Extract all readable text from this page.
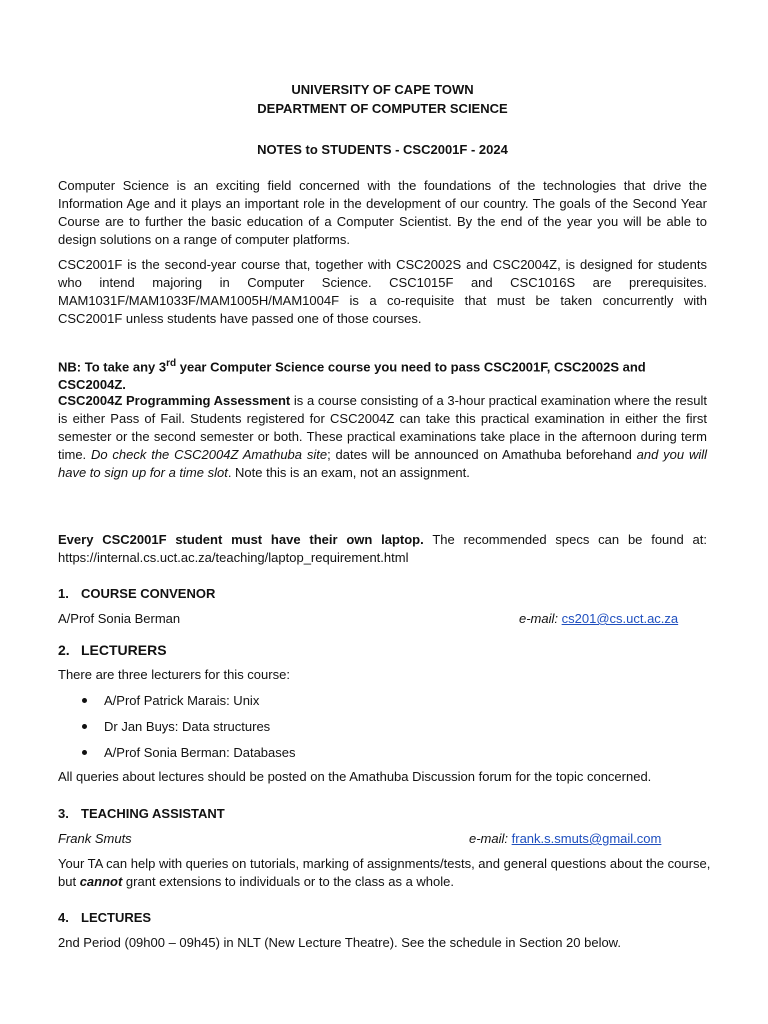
UNIVERSITY OF CAPE TOWN
DEPARTMENT OF COMPUTER SCIENCE
NOTES to STUDENTS - CSC2001F - 2024
Computer Science is an exciting field concerned with the foundations of the technologies that drive the Information Age and it plays an important role in the development of our country. The goals of the Second Year Course are to further the basic education of a Computer Scientist. By the end of the year you will be able to design solutions on a range of computer platforms.
CSC2001F is the second-year course that, together with CSC2002S and CSC2004Z, is designed for students who intend majoring in Computer Science. CSC1015F and CSC1016S are prerequisites. MAM1031F/MAM1033F/MAM1005H/MAM1004F is a co-requisite that must be taken concurrently with CSC2001F unless students have passed one of those courses.
NB: To take any 3rd year Computer Science course you need to pass CSC2001F, CSC2002S and CSC2004Z.
CSC2004Z Programming Assessment is a course consisting of a 3-hour practical examination where the result is either Pass of Fail. Students registered for CSC2004Z can take this practical examination in either the first semester or the second semester or both. These practical examinations take place in the afternoon during term time. Do check the CSC2004Z Amathuba site; dates will be announced on Amathuba beforehand and you will have to sign up for a time slot. Note this is an exam, not an assignment.
Every CSC2001F student must have their own laptop. The recommended specs can be found at: https://internal.cs.uct.ac.za/teaching/laptop_requirement.html
1. COURSE CONVENOR
A/Prof Sonia Berman	e-mail: cs201@cs.uct.ac.za
2. LECTURERS
There are three lecturers for this course:
A/Prof Patrick Marais: Unix
Dr Jan Buys: Data structures
A/Prof Sonia Berman: Databases
All queries about lectures should be posted on the Amathuba Discussion forum for the topic concerned.
3. TEACHING ASSISTANT
Frank Smuts	e-mail: frank.s.smuts@gmail.com
Your TA can help with queries on tutorials, marking of assignments/tests, and general questions about the course, but cannot grant extensions to individuals or to the class as a whole.
4. LECTURES
2nd Period (09h00 – 09h45) in NLT (New Lecture Theatre). See the schedule in Section 20 below.
